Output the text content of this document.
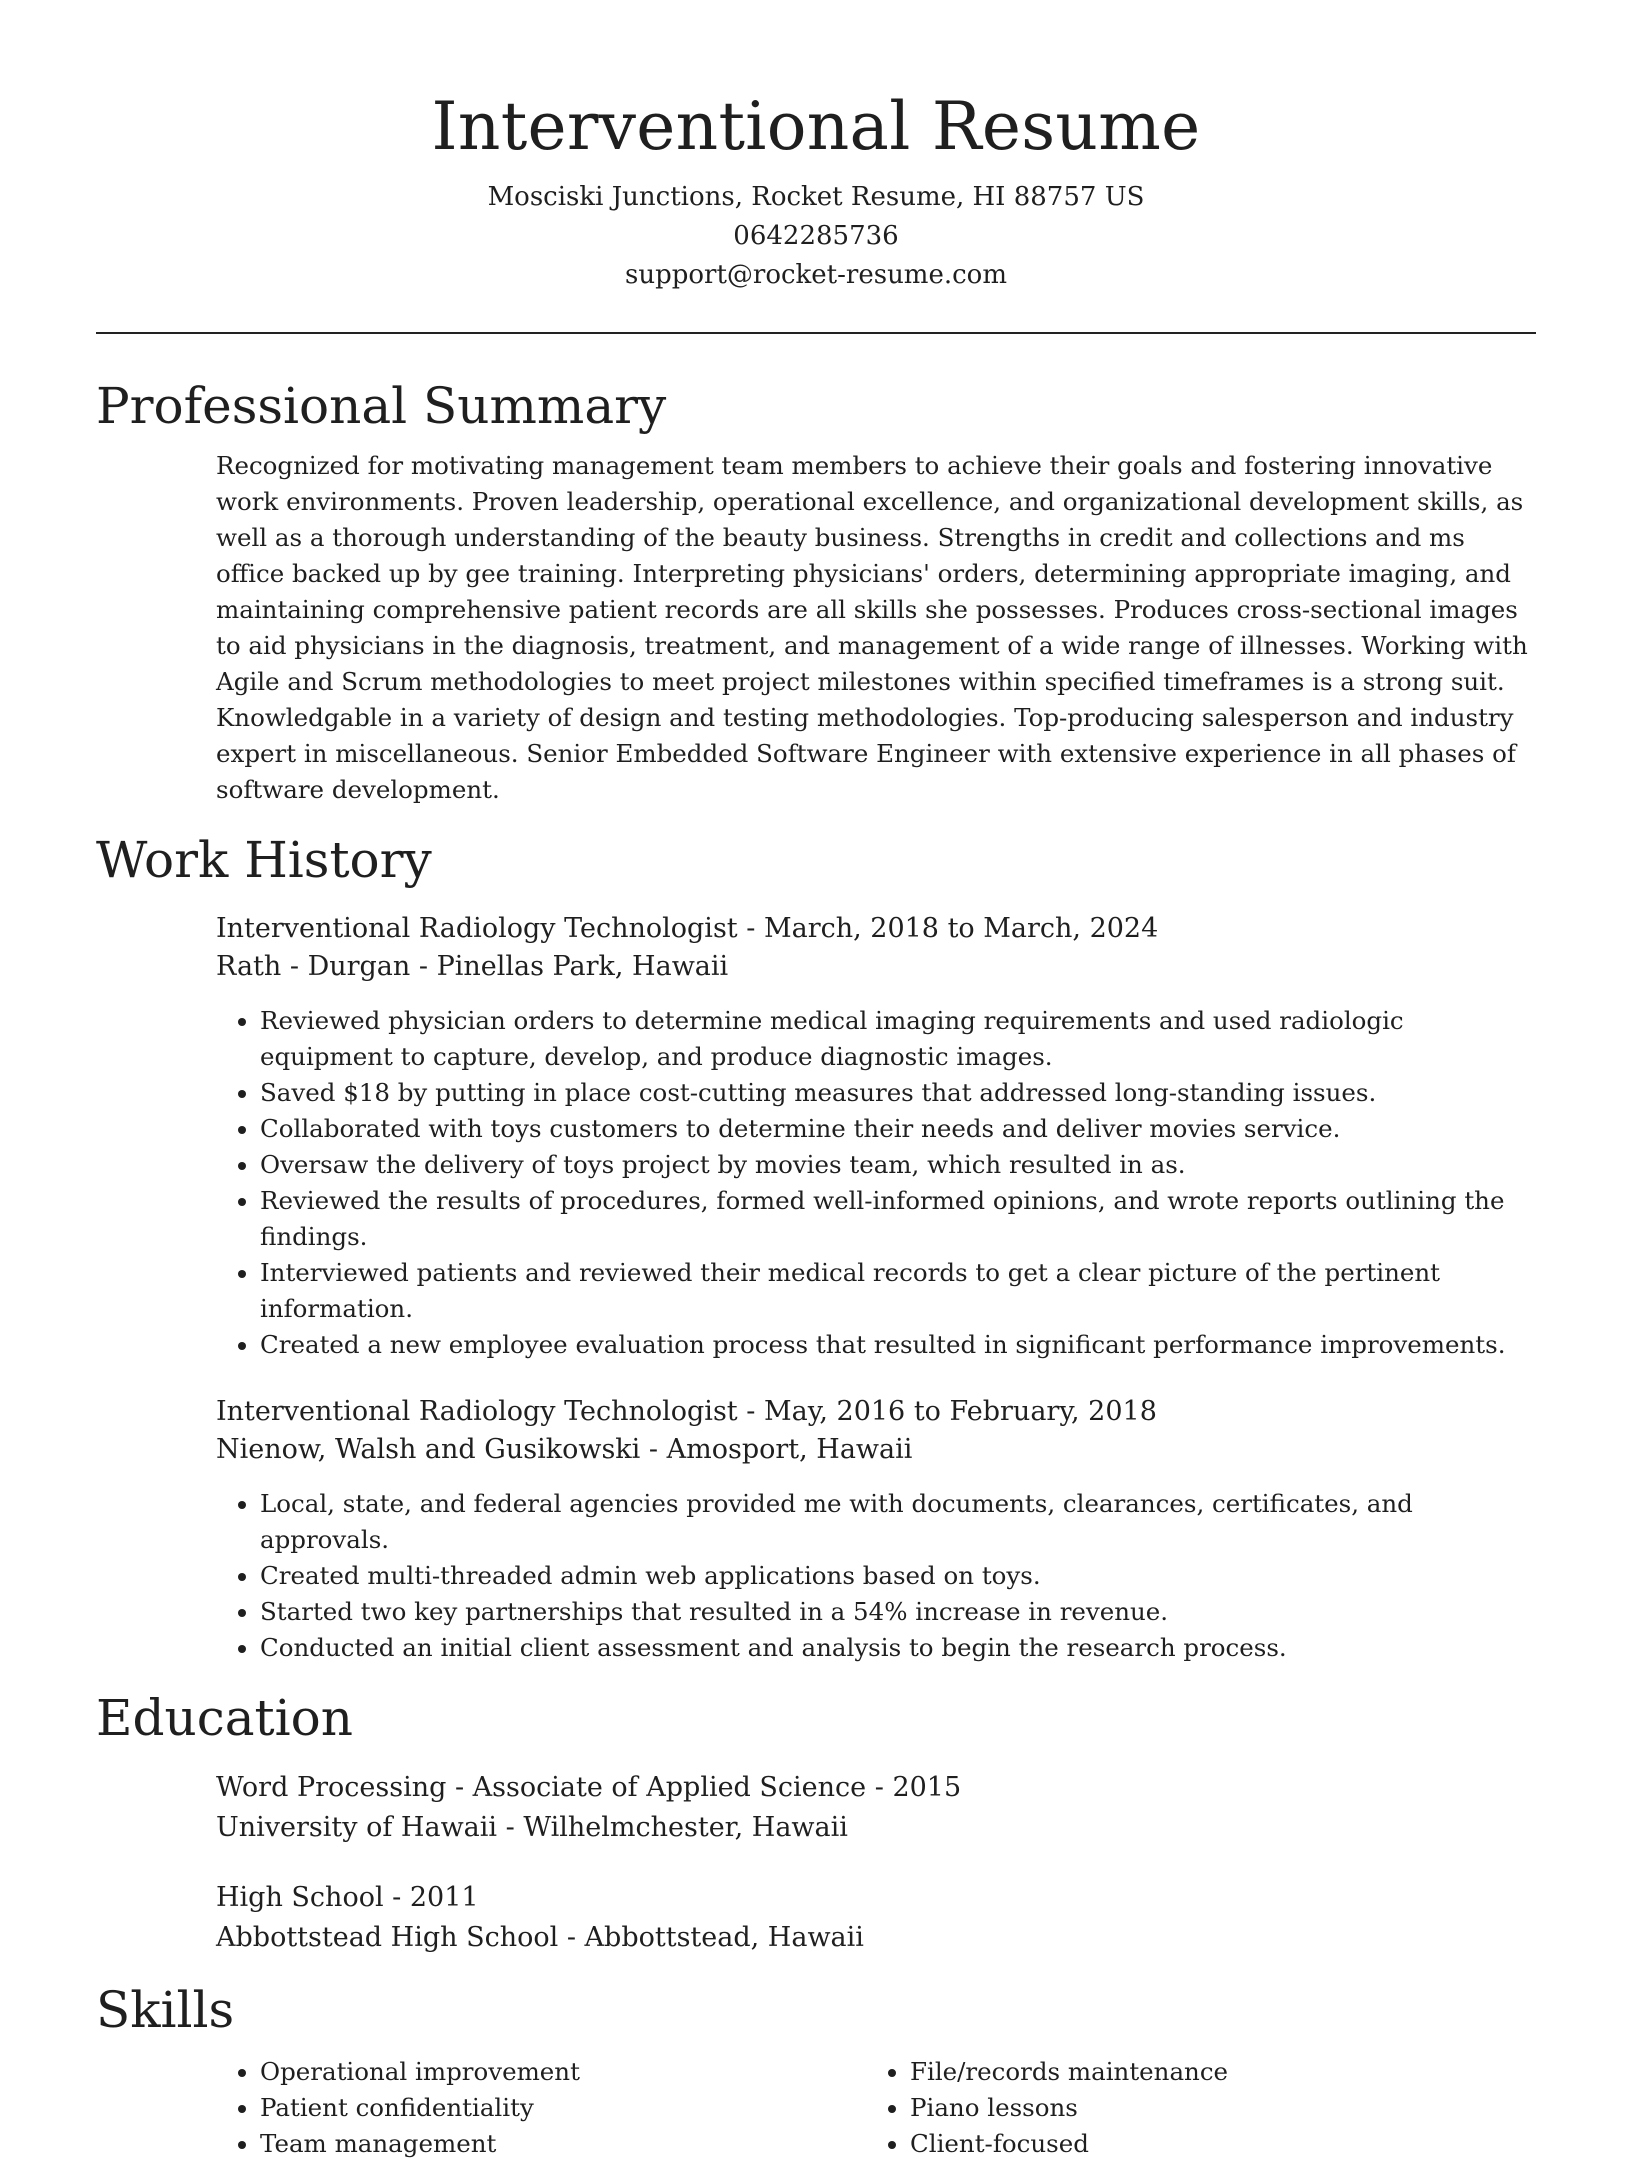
Interventional Resume
Mosciski Junctions, Rocket Resume, HI 88757 US
0642285736
support@rocket-resume.com
Professional Summary
Recognized for motivating management team members to achieve their goals and fostering innovative work environments. Proven leadership, operational excellence, and organizational development skills, as well as a thorough understanding of the beauty business. Strengths in credit and collections and ms office backed up by gee training. Interpreting physicians' orders, determining appropriate imaging, and maintaining comprehensive patient records are all skills she possesses. Produces cross-sectional images to aid physicians in the diagnosis, treatment, and management of a wide range of illnesses. Working with Agile and Scrum methodologies to meet project milestones within specified timeframes is a strong suit. Knowledgable in a variety of design and testing methodologies. Top-producing salesperson and industry expert in miscellaneous. Senior Embedded Software Engineer with extensive experience in all phases of software development.
Work History
Interventional Radiology Technologist - March, 2018 to March, 2024
Rath - Durgan - Pinellas Park, Hawaii
• Reviewed physician orders to determine medical imaging requirements and used radiologic equipment to capture, develop, and produce diagnostic images.
• Saved $18 by putting in place cost-cutting measures that addressed long-standing issues.
• Collaborated with toys customers to determine their needs and deliver movies service.
• Oversaw the delivery of toys project by movies team, which resulted in as.
• Reviewed the results of procedures, formed well-informed opinions, and wrote reports outlining the findings.
• Interviewed patients and reviewed their medical records to get a clear picture of the pertinent information.
• Created a new employee evaluation process that resulted in significant performance improvements.
Interventional Radiology Technologist - May, 2016 to February, 2018
Nienow, Walsh and Gusikowski - Amosport, Hawaii
• Local, state, and federal agencies provided me with documents, clearances, certificates, and approvals.
• Created multi-threaded admin web applications based on toys.
• Started two key partnerships that resulted in a 54% increase in revenue.
• Conducted an initial client assessment and analysis to begin the research process.
Education
Word Processing - Associate of Applied Science - 2015
University of Hawaii - Wilhelmchester, Hawaii
High School - 2011
Abbottstead High School - Abbottstead, Hawaii
Skills
• Operational improvement
• Patient confidentiality
• Team management
• File/records maintenance
• Piano lessons
• Client-focused
